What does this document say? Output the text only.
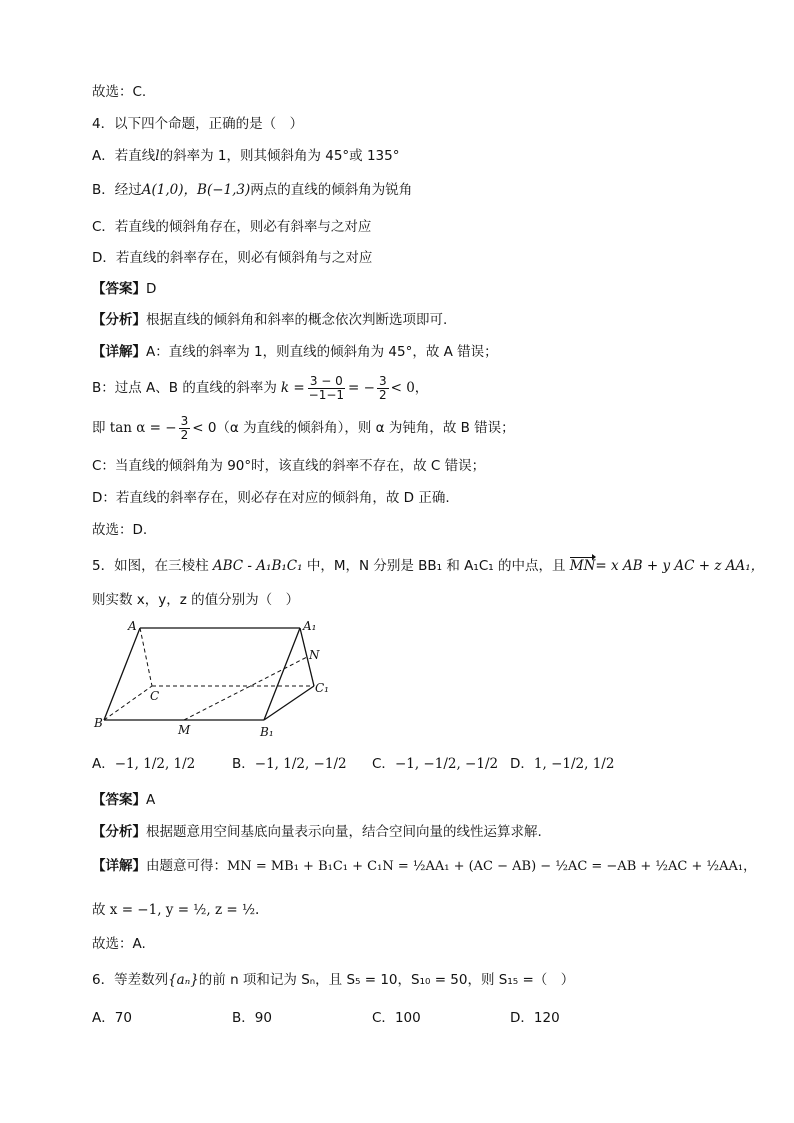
故选：C.
4．以下四个命题，正确的是（　）
A．若直线l的斜率为 1，则其倾斜角为 45°或 135°
B．经过A(1,0)，B(−1,3)两点的直线的倾斜角为锐角
C．若直线的倾斜角存在，则必有斜率与之对应
D．若直线的斜率存在，则必有倾斜角与之对应
【答案】D
【分析】根据直线的倾斜角和斜率的概念依次判断选项即可.
【详解】A：直线的斜率为 1，则直线的倾斜角为 45°，故 A 错误；
B：过点 A、B 的直线的斜率为 $k = \frac{3 - 0}{-1-1}$ = − $\frac{3}{2} < 0$，
即 tan α = − $\frac{3}{2} < 0(\alpha$ 为直线的倾斜角），则 α 为钝角，故 B 错误；
C：当直线的倾斜角为 90°时，该直线的斜率不存在，故 C 错误；
D：若直线的斜率存在，则必存在对应的倾斜角，故 D 正确.
故选：D.
5．如图，在三棱柱 ABC - A₁B₁C₁ 中，M，N 分别是 BB₁ 和 A₁C₁ 的中点，且 MN= x AB + y AC + z AA₁，
则实数 x，y，z 的值分别为（　）
A	A₁
N
C
C₁
B	M	B₁
A．−1, 1/2, 1/2	B．−1, 1/2, −1/2 C．−1, −1/2, −1/2 D．1, −1/2, 1/2
【答案】A
【分析】根据题意用空间基底向量表示向量，结合空间向量的线性运算求解.
【详解】由题意可得：MN = MB₁ + B₁C₁ + C₁N = ½AA₁ + (AC − AB) − ½AC = −AB + ½AC + ½AA₁，
故 x = −1, y = ½, z = ½.
故选：A.
6．等差数列{aₙ}的前 n 项和记为 Sₙ，且 S₅ = 10，S₁₀ = 50，则 S₁₅ =（　）
A．70	B．90	C．100	D．120
